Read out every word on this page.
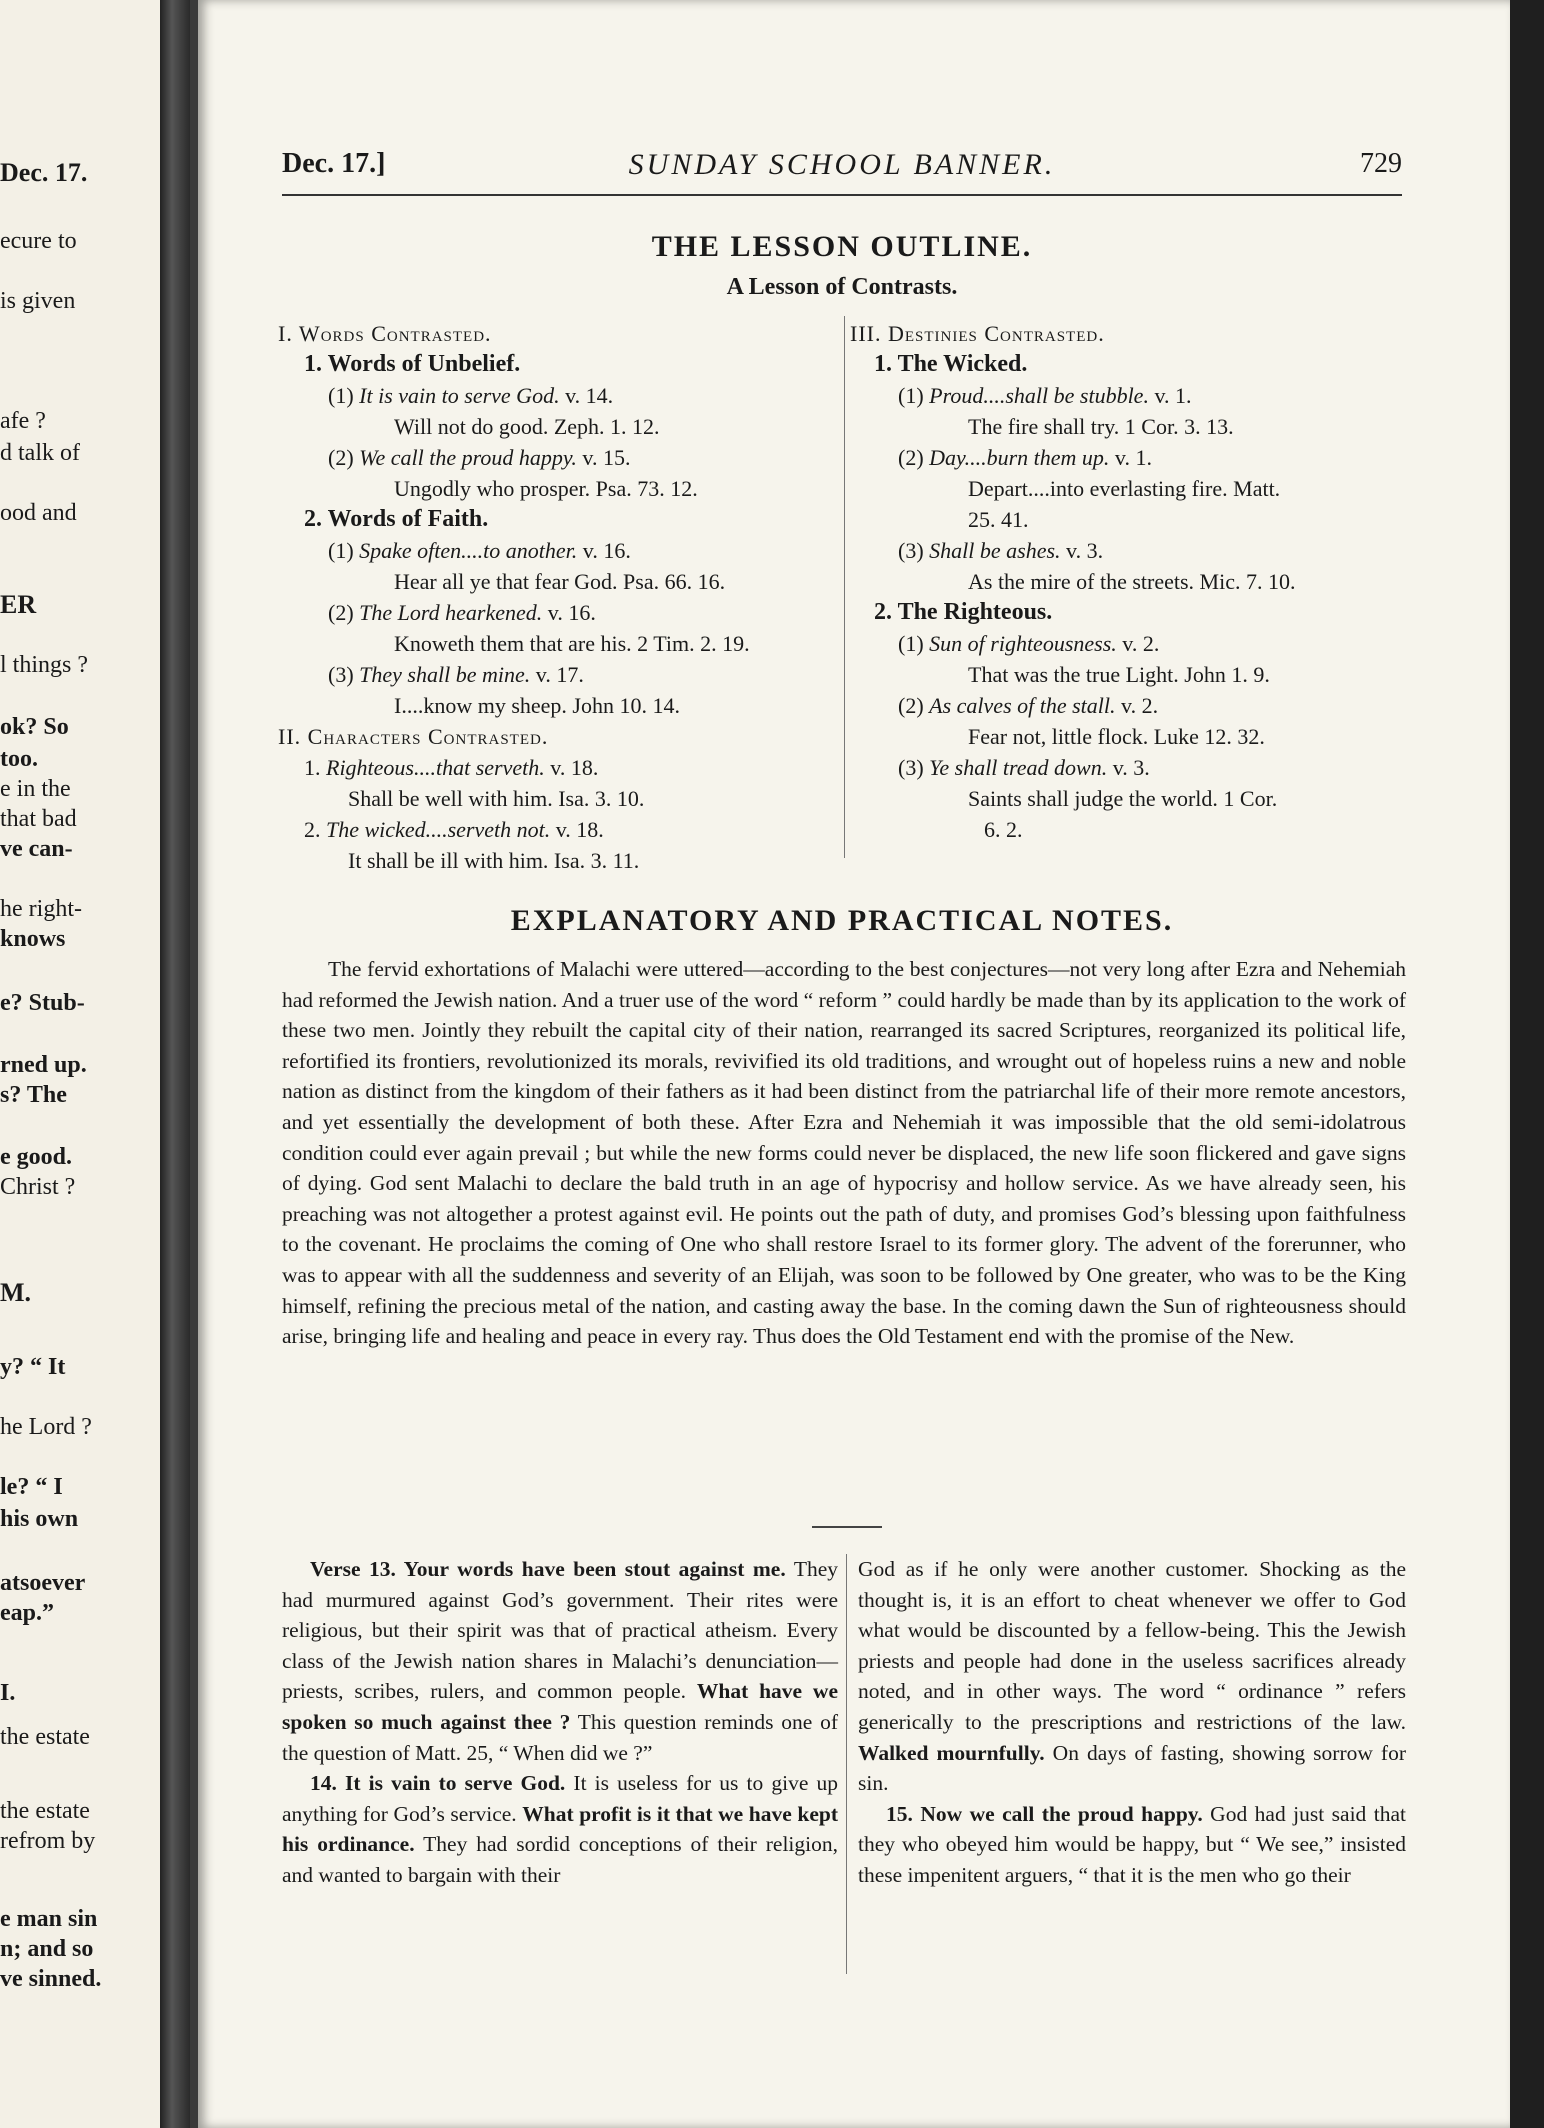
Dec. 17.
ecure to
is given
afe ?
d talk of
ood and
ER
l things ?
ok? So
too.
e in the
that bad
ve can-
he right-
knows
e? Stub-
rned up.
s? The
e good.
Christ ?
M.
y? “ It
he Lord ?
le? “ I
his own
atsoever
eap.”
I.
the estate
the estate
refrom by
e man sin
n; and so
ve sinned.
Dec. 17.]	SUNDAY SCHOOL BANNER.	729
THE LESSON OUTLINE.
A Lesson of Contrasts.
I. Words Contrasted.
1. Words of Unbelief.
(1) It is vain to serve God. v. 14.
Will not do good. Zeph. 1. 12.
(2) We call the proud happy. v. 15.
Ungodly who prosper. Psa. 73. 12.
2. Words of Faith.
(1) Spake often....to another. v. 16.
Hear all ye that fear God. Psa. 66. 16.
(2) The Lord hearkened. v. 16.
Knoweth them that are his. 2 Tim. 2. 19.
(3) They shall be mine. v. 17.
I....know my sheep. John 10. 14.
II. Characters Contrasted.
1. Righteous....that serveth. v. 18.
Shall be well with him. Isa. 3. 10.
2. The wicked....serveth not. v. 18.
It shall be ill with him. Isa. 3. 11.
III. Destinies Contrasted.
1. The Wicked.
(1) Proud....shall be stubble. v. 1.
The fire shall try. 1 Cor. 3. 13.
(2) Day....burn them up. v. 1.
Depart....into everlasting fire. Matt.
25. 41.
(3) Shall be ashes. v. 3.
As the mire of the streets. Mic. 7. 10.
2. The Righteous.
(1) Sun of righteousness. v. 2.
That was the true Light. John 1. 9.
(2) As calves of the stall. v. 2.
Fear not, little flock. Luke 12. 32.
(3) Ye shall tread down. v. 3.
Saints shall judge the world. 1 Cor.
6. 2.
EXPLANATORY AND PRACTICAL NOTES.
The fervid exhortations of Malachi were uttered—according to the best conjectures—not very long after Ezra and Nehemiah had reformed the Jewish nation. And a truer use of the word “ reform ” could hardly be made than by its application to the work of these two men. Jointly they rebuilt the capital city of their nation, rearranged its sacred Scriptures, reorganized its political life, refortified its frontiers, revolutionized its morals, revivified its old traditions, and wrought out of hopeless ruins a new and noble nation as distinct from the kingdom of their fathers as it had been distinct from the patriarchal life of their more remote ancestors, and yet essentially the development of both these. After Ezra and Nehemiah it was impossible that the old semi-idolatrous condition could ever again prevail ; but while the new forms could never be displaced, the new life soon flickered and gave signs of dying. God sent Malachi to declare the bald truth in an age of hypocrisy and hollow service. As we have already seen, his preaching was not altogether a protest against evil. He points out the path of duty, and promises God’s blessing upon faithfulness to the covenant. He proclaims the coming of One who shall restore Israel to its former glory. The advent of the forerunner, who was to appear with all the suddenness and severity of an Elijah, was soon to be followed by One greater, who was to be the King himself, refining the precious metal of the nation, and casting away the base. In the coming dawn the Sun of righteousness should arise, bringing life and healing and peace in every ray. Thus does the Old Testament end with the promise of the New.

Verse 13. Your words have been stout against me. They had murmured against God’s government. Their rites were religious, but their spirit was that of practical atheism. Every class of the Jewish nation shares in Malachi’s denunciation—priests, scribes, rulers, and common people. What have we spoken so much against thee ? This question reminds one of the question of Matt. 25, “ When did we ?”

14. It is vain to serve God. It is useless for us to give up anything for God’s service. What profit is it that we have kept his ordinance. They had sordid conceptions of their religion, and wanted to bargain with their

God as if he only were another customer. Shocking as the thought is, it is an effort to cheat whenever we offer to God what would be discounted by a fellow-being. This the Jewish priests and people had done in the useless sacrifices already noted, and in other ways. The word “ ordinance ” refers generically to the prescriptions and restrictions of the law. Walked mournfully. On days of fasting, showing sorrow for sin.

15. Now we call the proud happy. God had just said that they who obeyed him would be happy, but “ We see,” insisted these impenitent arguers, “ that it is the men who go their
